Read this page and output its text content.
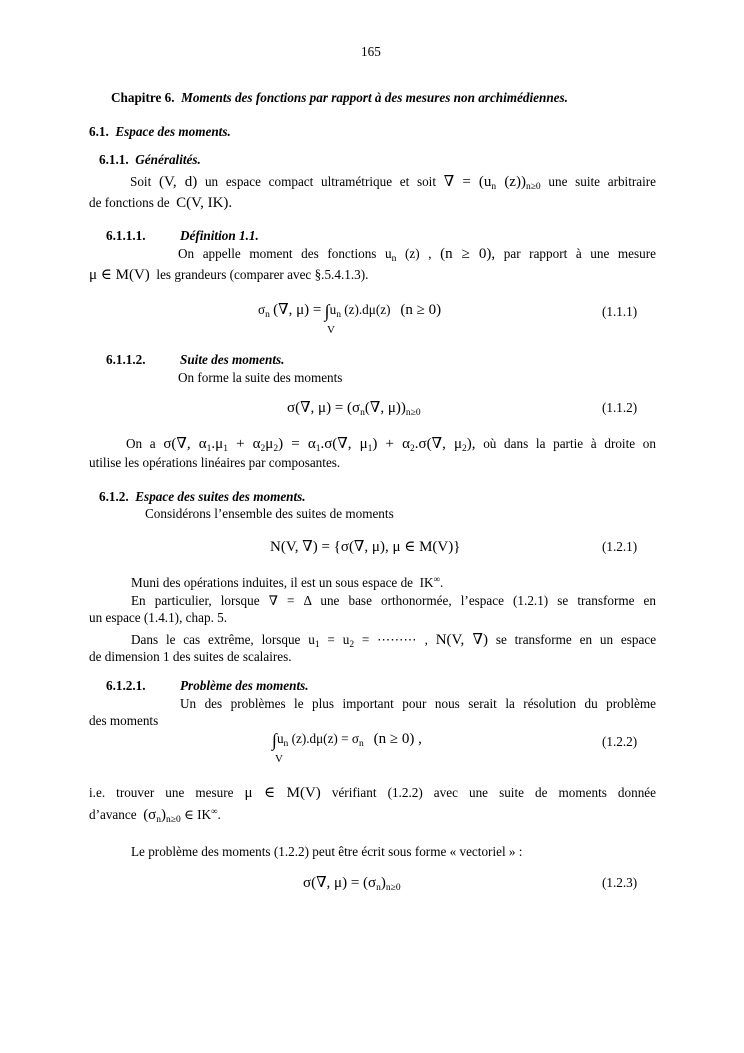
165
Chapitre 6. Moments des fonctions par rapport à des mesures non archimédiennes.
6.1. Espace des moments.
6.1.1. Généralités.
Soit (V, d) un espace compact ultramétrique et soit ∇ = ($u_n$ $(z))_{n\ge 0}$ une suite arbitraire
de fonctions de C(V, IK).
6.1.1.1.	Définition 1.1.
On appelle moment des fonctions $u_n$ (z) , (n ≥ 0), par rapport à une mesure
μ ∈ M(V) les grandeurs (comparer avec §.5.4.1.3).
$\sigma_n$ (∇, $\mu) = \int u_n$ (z).dμ(z) (n ≥ 0)
V
(1.1.1)
6.1.1.2.	Suite des moments.
On forme la suite des moments
σ(∇, $\mu) = (\sigma_n(\nabla$, $\mu))_{n\ge 0}$	(1.1.2)
On a σ(∇, $\alpha_1.\mu_1 + \alpha_2\mu_2) = \alpha_1.\sigma(\nabla$, $\mu_1) + \alpha_2.\sigma(\nabla$, $\mu_2$), où dans la partie à droite on
utilise les opérations linéaires par composantes.
6.1.2. Espace des suites des moments.
Considérons l’ensemble des suites de moments
N(V, ∇) = {σ(∇, μ), μ ∈ M(V)}	(1.2.1)
Muni des opérations induites, il est un sous espace de IK∞.
En particulier, lorsque ∇ = Δ une base orthonormée, l’espace (1.2.1) se transforme en
un espace (1.4.1), chap. 5.
Dans le cas extrême, lorsque $u_1 = u_2$ = ⋯⋯⋯ , N(V, ∇) se transforme en un espace
de dimension 1 des suites de scalaires.
6.1.2.1.	Problème des moments.
Un des problèmes le plus important pour nous serait la résolution du problème
des moments
$\int u_n$ $(z).d\mu(z) = \sigma_n$ (n ≥ 0) ,
V
(1.2.2)
i.e. trouver une mesure μ ∈ M(V) vérifiant (1.2.2) avec une suite de moments donnée
d’avance $(\sigma_n)_{n\ge 0}$ ∈ IK∞.
Le problème des moments (1.2.2) peut être écrit sous forme « vectoriel » :
σ(∇, $\mu) = (\sigma_n)_{n\ge 0}$	(1.2.3)
